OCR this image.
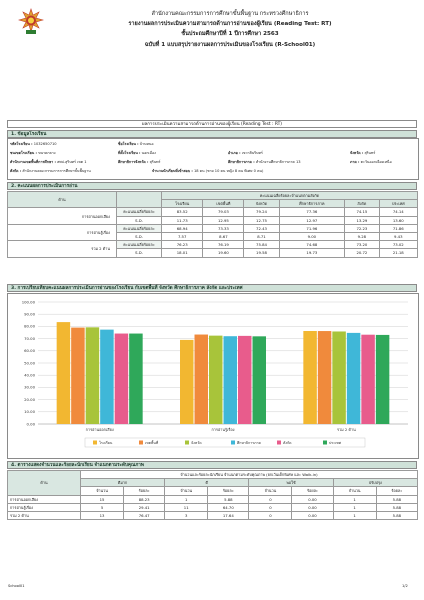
สำนักงานคณะกรรมการการศึกษาขั้นพื้นฐาน กระทรวงศึกษาธิการ
รายงานผลการประเมินความสามารถด้านการอ่านของผู้เรียน (Reading Test: RT)
ชั้นประถมศึกษาปีที่ 1 ปีการศึกษา 2563
ฉบับที่ 1 แบบสรุปรายงานผลการประเมินของโรงเรียน (R-School01)
ผลการประเมินความสามารถด้านการอ่านของผู้เรียน (Reading Test : RT)
1. ข้อมูลโรงเรียน
รหัสโรงเรียน : 1032650710	ชื่อโรงเรียน : บ้านหนอ
ชนเขตโรงเรียน : ขนาดกลาง	ที่ตั้งโรงเรียน : นอกเมือง	อำเภอ : เขวาสินรินทร์	จังหวัด : สุรินทร์
สำนักงานเขตพื้นที่การศึกษา : สพป.สุรินทร์ เขต 1	ศึกษาธิการจังหวัด : สุรินทร์	ศึกษาธิการภาค : สำนักงานศึกษาธิการภาค 13	ภาค : ตะวันออกเฉียงเหนือ
สังกัด : สำนักงานคณะกรรมการการศึกษาขั้นพื้นฐาน	จำนวนนักเรียนที่เข้าสอบ : 18 คน (ชาย 10 คน หญิง 8 คน พิเศษ 0 คน)
2. คะแนนผลการประเมินการอ่าน
ด้าน		คะแนนเฉลี่ยร้อยละจำแนกตามสังกัด					
		โรงเรียน	เขตพื้นที่	จังหวัด	ศึกษาธิการภาค	สังกัด	ประเทศ
การอ่านออกเสียง	คะแนนเฉลี่ยร้อยละ	83.52	79.03	79.24	77.36	74.15	74.14
	S.D.	11.73	12.95	12.75	12.97	13.29	13.60
การอ่านรู้เรื่อง	คะแนนเฉลี่ยร้อยละ	68.94	73.33	72.43	71.96	72.23	71.86
	S.D.	7.57	8.67	8.71	9.00	9.28	9.43
รวม 2 ด้าน	คะแนนเฉลี่ยร้อยละ	76.23	76.19	75.84	74.68	73.20	73.02
	S.D.	18.01	19.60	19.58	19.73	20.72	21.18
3. การเปรียบเทียบคะแนนผลการประเมินการอ่านของโรงเรียน กับเขตพื้นที่ จังหวัด ศึกษาธิการภาค สังกัด และประเทศ
100.00
90.00
80.00
70.00
60.00
50.00
40.00
30.00
20.00
10.00
0.00
การอ่านออกเสียง	การอ่านรู้เรื่อง	รวม 2 ด้าน
โรงเรียน	เขตพื้นที่	จังหวัด	ศึกษาธิการภาค	สังกัด	ประเทศ
4. ตารางแสดงจำนวนและร้อยละนักเรียน จำแนกตามระดับคุณภาพ
ด้าน	จำนวนและร้อยละนักเรียน จำแนกตามระดับคุณภาพ (ยกเว้นเด็กพิเศษ และ Walk-in)							
	ดีมาก		ดี		พอใช้		ปรับปรุง	
	จำนวน	ร้อยละ	จำนวน	ร้อยละ	จำนวน	ร้อยละ	จำนวน	ร้อยละ
การอ่านออกเสียง	15	88.23	1	5.88	0	0.00	1	5.88
การอ่านรู้เรื่อง	5	29.41	11	64.70	0	0.00	1	5.88
รวม 2 ด้าน	13	76.47	3	17.64	0	0.00	1	5.88
School01	1/2
